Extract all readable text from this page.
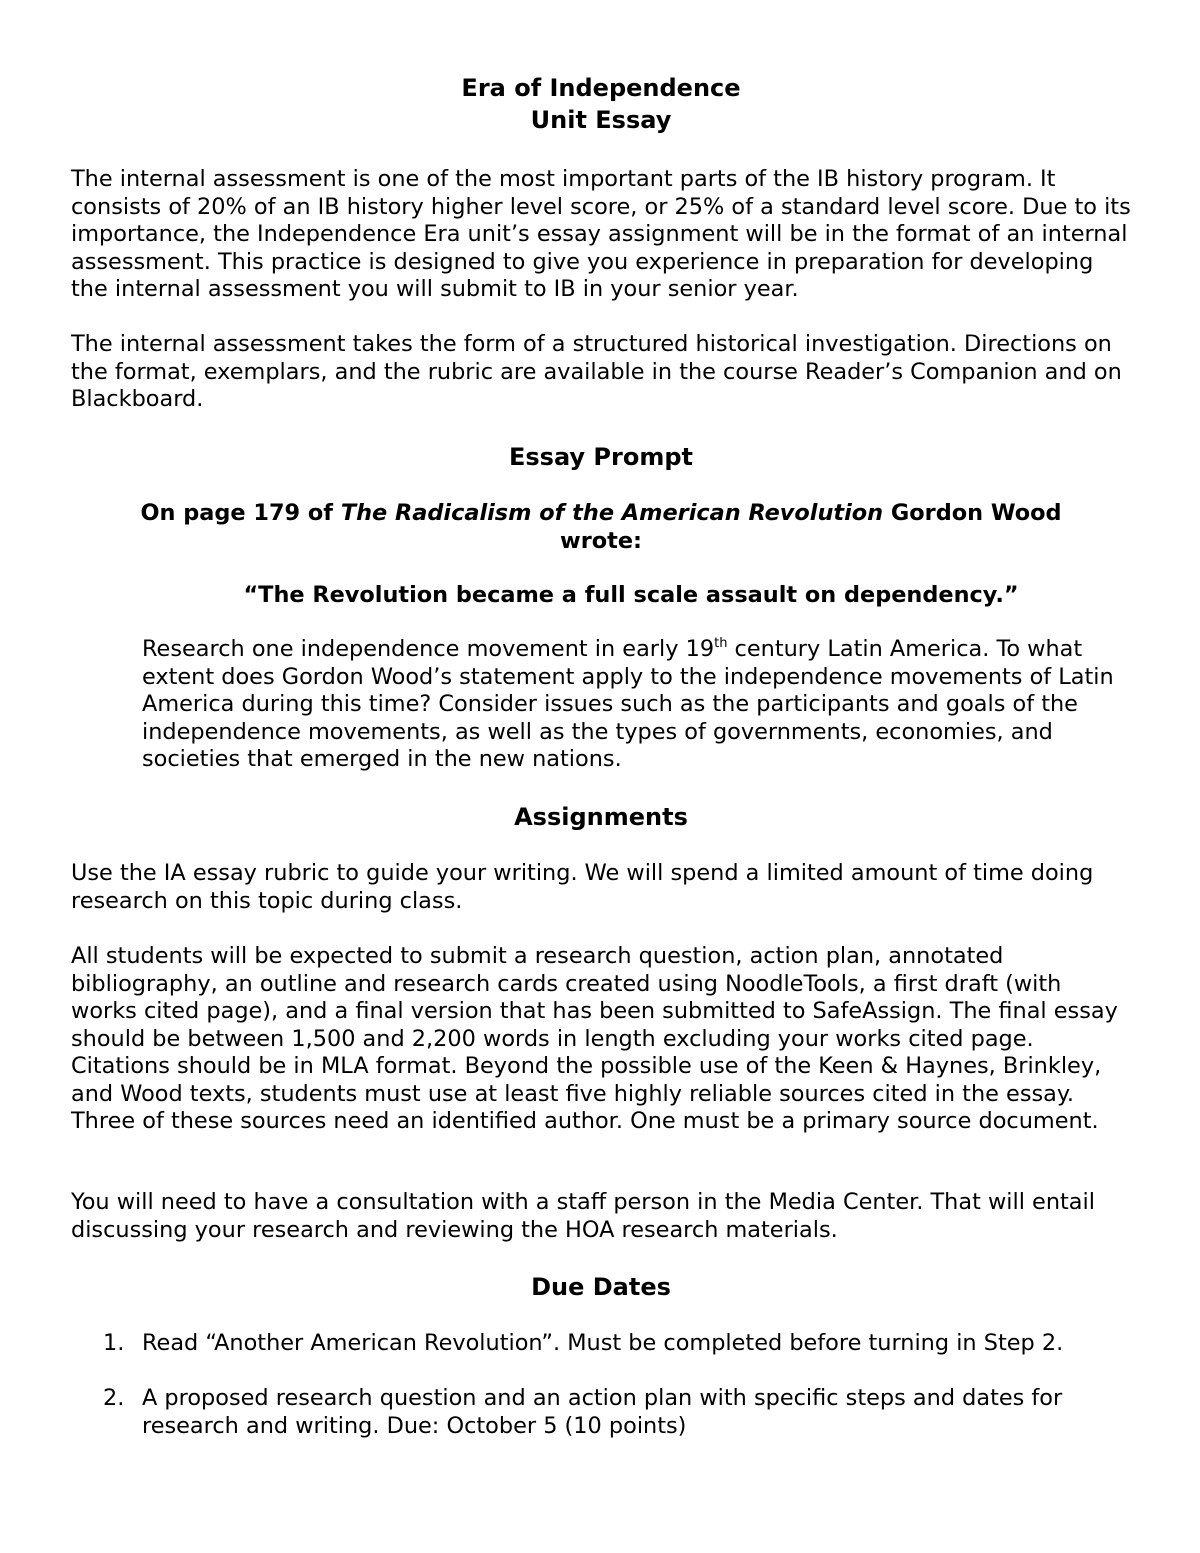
Era of Independence
Unit Essay

The internal assessment is one of the most important parts of the IB history program. It consists of 20% of an IB history higher level score, or 25% of a standard level score. Due to its importance, the Independence Era unit’s essay assignment will be in the format of an internal assessment. This practice is designed to give you experience in preparation for developing the internal assessment you will submit to IB in your senior year.

The internal assessment takes the form of a structured historical investigation. Directions on the format, exemplars, and the rubric are available in the course Reader’s Companion and on Blackboard.

Essay Prompt

On page 179 of The Radicalism of the American Revolution Gordon Wood wrote:

“The Revolution became a full scale assault on dependency.”

Research one independence movement in early 19th century Latin America. To what extent does Gordon Wood’s statement apply to the independence movements of Latin America during this time? Consider issues such as the participants and goals of the independence movements, as well as the types of governments, economies, and societies that emerged in the new nations.

Assignments

Use the IA essay rubric to guide your writing. We will spend a limited amount of time doing research on this topic during class.

All students will be expected to submit a research question, action plan, annotated bibliography, an outline and research cards created using NoodleTools, a first draft (with works cited page), and a final version that has been submitted to SafeAssign. The final essay should be between 1,500 and 2,200 words in length excluding your works cited page. Citations should be in MLA format. Beyond the possible use of the Keen & Haynes, Brinkley, and Wood texts, students must use at least five highly reliable sources cited in the essay. Three of these sources need an identified author. One must be a primary source document.

You will need to have a consultation with a staff person in the Media Center. That will entail discussing your research and reviewing the HOA research materials.

Due Dates
1. Read “Another American Revolution”. Must be completed before turning in Step 2.
2. A proposed research question and an action plan with specific steps and dates for research and writing. Due: October 5 (10 points)
